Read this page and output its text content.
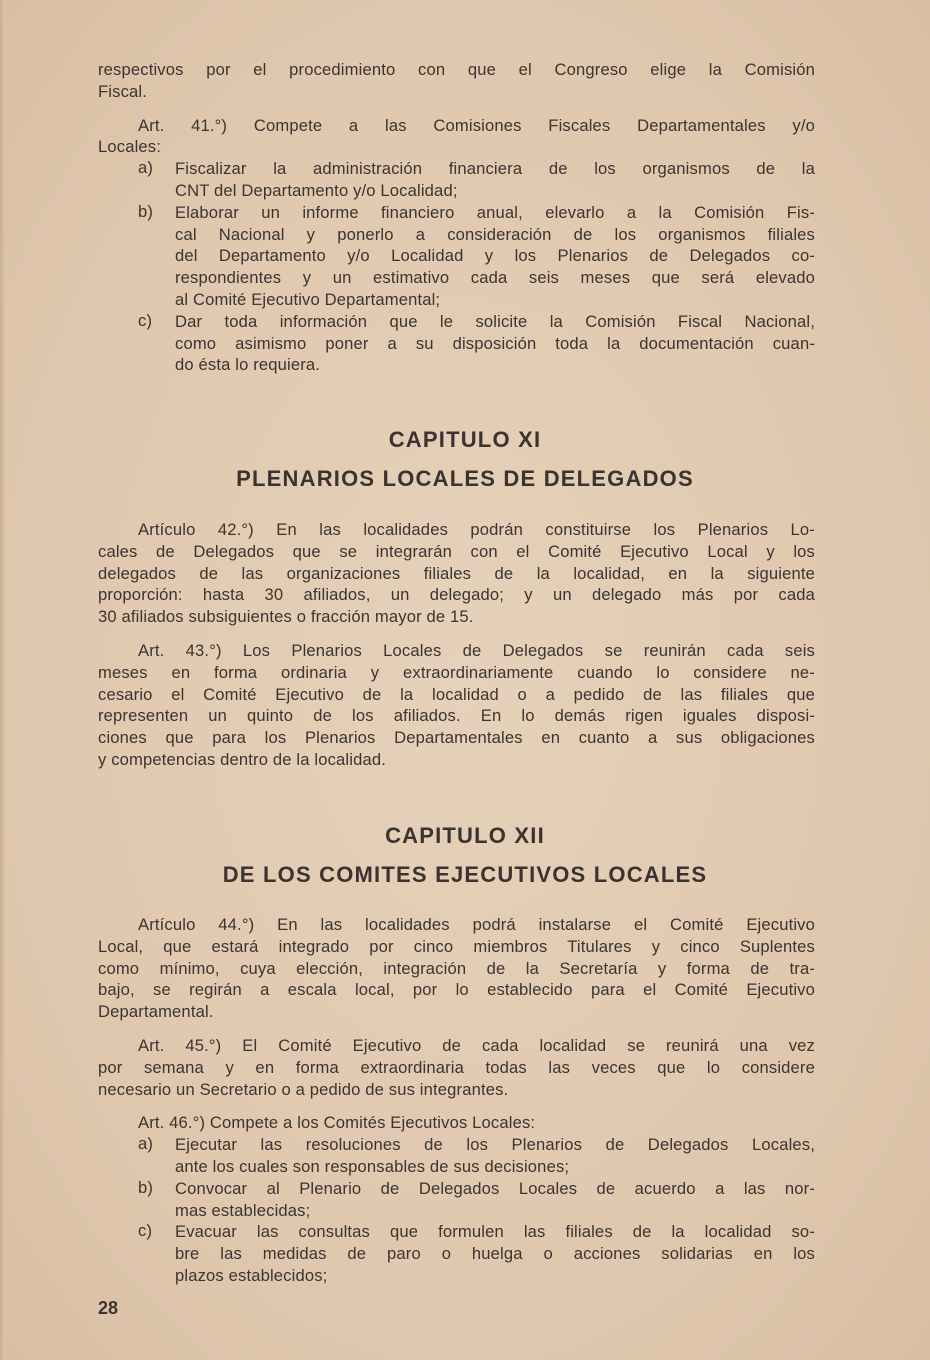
respectivos por el procedimiento con que el Congreso elige la Comisión
Fiscal.
Art. 41.°) Compete a las Comisiones Fiscales Departamentales y/o
Locales:
a) Fiscalizar la administración financiera de los organismos de la
CNT del Departamento y/o Localidad;
b) Elaborar un informe financiero anual, elevarlo a la Comisión Fis-
cal Nacional y ponerlo a consideración de los organismos filiales
del Departamento y/o Localidad y los Plenarios de Delegados co-
respondientes y un estimativo cada seis meses que será elevado
al Comité Ejecutivo Departamental;
c) Dar toda información que le solicite la Comisión Fiscal Nacional,
como asimismo poner a su disposición toda la documentación cuan-
do ésta lo requiera.
CAPITULO XI
PLENARIOS LOCALES DE DELEGADOS
Artículo 42.°) En las localidades podrán constituirse los Plenarios Lo-
cales de Delegados que se integrarán con el Comité Ejecutivo Local y los
delegados de las organizaciones filiales de la localidad, en la siguiente
proporción: hasta 30 afiliados, un delegado; y un delegado más por cada
30 afiliados subsiguientes o fracción mayor de 15.
Art. 43.°) Los Plenarios Locales de Delegados se reunirán cada seis
meses en forma ordinaria y extraordinariamente cuando lo considere ne-
cesario el Comité Ejecutivo de la localidad o a pedido de las filiales que
representen un quinto de los afiliados. En lo demás rigen iguales disposi-
ciones que para los Plenarios Departamentales en cuanto a sus obligaciones
y competencias dentro de la localidad.
CAPITULO XII
DE LOS COMITES EJECUTIVOS LOCALES
Artículo 44.°) En las localidades podrá instalarse el Comité Ejecutivo
Local, que estará integrado por cinco miembros Titulares y cinco Suplentes
como mínimo, cuya elección, integración de la Secretaría y forma de tra-
bajo, se regirán a escala local, por lo establecido para el Comité Ejecutivo
Departamental.
Art. 45.°) El Comité Ejecutivo de cada localidad se reunirá una vez
por semana y en forma extraordinaria todas las veces que lo considere
necesario un Secretario o a pedido de sus integrantes.
Art. 46.°) Compete a los Comités Ejecutivos Locales:
a) Ejecutar las resoluciones de los Plenarios de Delegados Locales,
ante los cuales son responsables de sus decisiones;
b) Convocar al Plenario de Delegados Locales de acuerdo a las nor-
mas establecidas;
c) Evacuar las consultas que formulen las filiales de la localidad so-
bre las medidas de paro o huelga o acciones solidarias en los
plazos establecidos;
28
